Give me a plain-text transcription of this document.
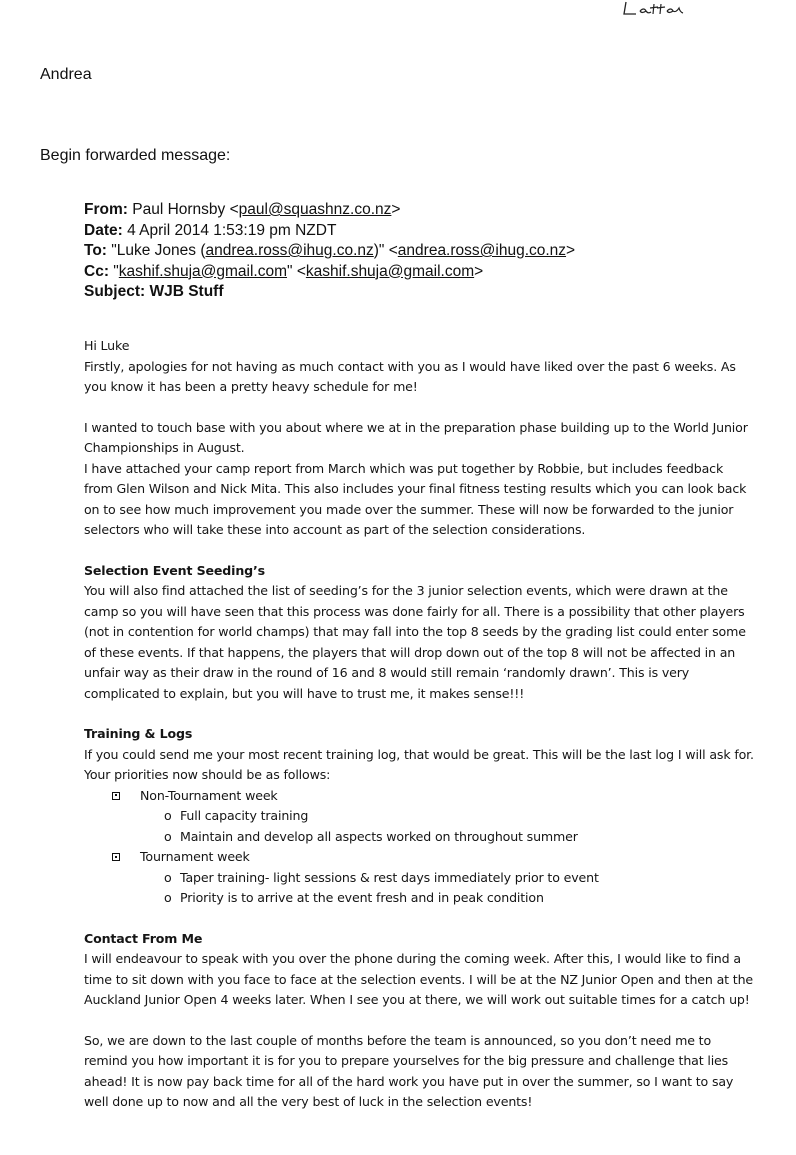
Andrea
Begin forwarded message:
From: Paul Hornsby <paul@squashnz.co.nz>
Date: 4 April 2014 1:53:19 pm NZDT
To: "Luke Jones (andrea.ross@ihug.co.nz)" <andrea.ross@ihug.co.nz>
Cc: "kashif.shuja@gmail.com" <kashif.shuja@gmail.com>
Subject: WJB Stuff

Hi Luke

Firstly, apologies for not having as much contact with you as I would have liked over the past 6 weeks. As you know it has been a pretty heavy schedule for me!

I wanted to touch base with you about where we at in the preparation phase building up to the World Junior Championships in August.

I have attached your camp report from March which was put together by Robbie, but includes feedback from Glen Wilson and Nick Mita. This also includes your final fitness testing results which you can look back on to see how much improvement you made over the summer. These will now be forwarded to the junior selectors who will take these into account as part of the selection considerations.

Selection Event Seeding’s

You will also find attached the list of seeding’s for the 3 junior selection events, which were drawn at the camp so you will have seen that this process was done fairly for all. There is a possibility that other players (not in contention for world champs) that may fall into the top 8 seeds by the grading list could enter some of these events. If that happens, the players that will drop down out of the top 8 will not be affected in an unfair way as their draw in the round of 16 and 8 would still remain ‘randomly drawn’. This is very complicated to explain, but you will have to trust me, it makes sense!!!

Training & Logs

If you could send me your most recent training log, that would be great. This will be the last log I will ask for. Your priorities now should be as follows:

Non-Tournament week
o Full capacity training
o Maintain and develop all aspects worked on throughout summer
Tournament week
o Taper training- light sessions & rest days immediately prior to event
o Priority is to arrive at the event fresh and in peak condition

Contact From Me

I will endeavour to speak with you over the phone during the coming week. After this, I would like to find a time to sit down with you face to face at the selection events. I will be at the NZ Junior Open and then at the Auckland Junior Open 4 weeks later. When I see you at there, we will work out suitable times for a catch up!

So, we are down to the last couple of months before the team is announced, so you don’t need me to remind you how important it is for you to prepare yourselves for the big pressure and challenge that lies ahead! It is now pay back time for all of the hard work you have put in over the summer, so I want to say well done up to now and all the very best of luck in the selection events!
